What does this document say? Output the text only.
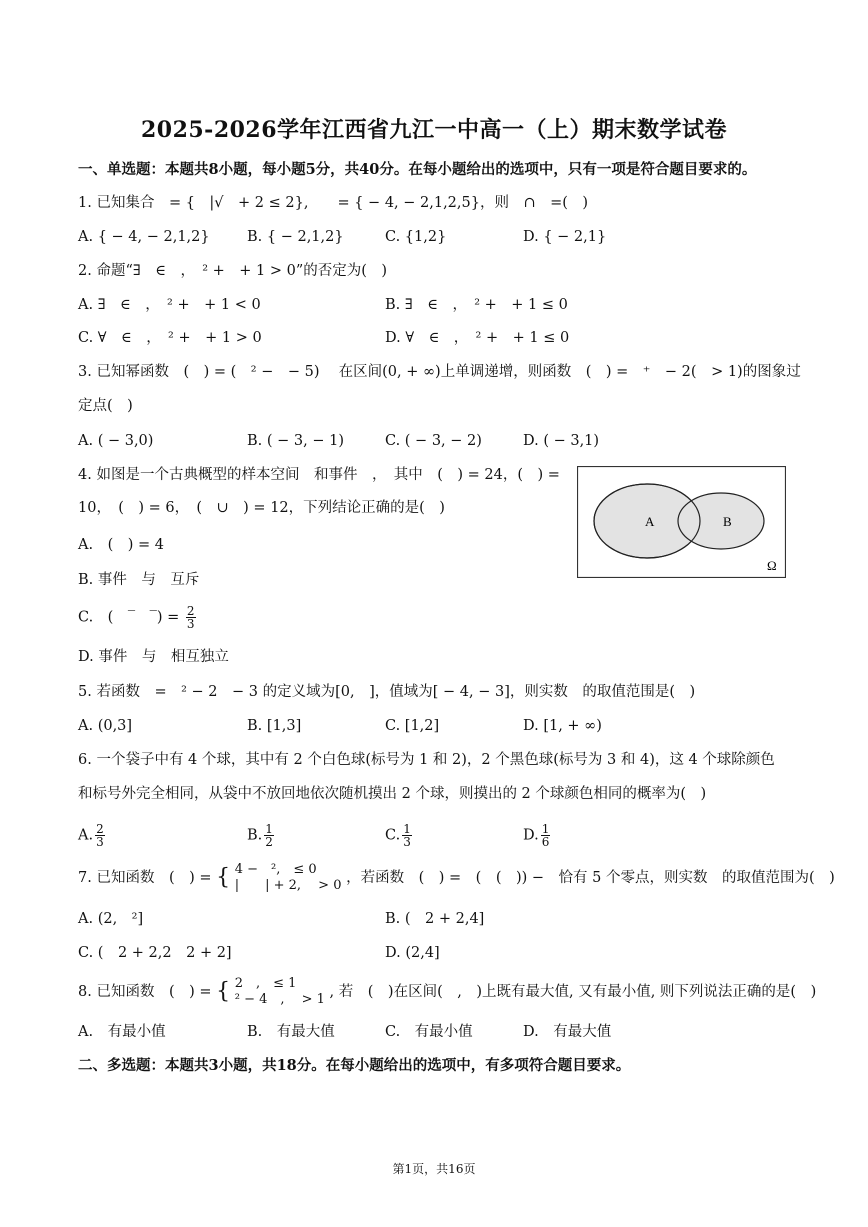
2025-2026学年江西省九江一中高一（上）期末数学试卷
一、单选题：本题共8小题，每小题5分，共40分。在每小题给出的选项中，只有一项是符合题目要求的。
1. 已知集合　= {　|√　+ 2 ≤ 2},　　= { − 4, − 2,1,2,5}，则　∩　=(　)
A. { − 4, − 2,1,2}	B. { − 2,1,2}	C. {1,2}	D. { − 2,1}
2. 命题“∃　∈　，　² +　+ 1 > 0”的否定为(　)
A. ∃　∈　，　² +　+ 1 < 0	B. ∃　∈　，　² +　+ 1 ≤ 0
C. ∀　∈　，　² +　+ 1 > 0	D. ∀　∈　，　² +　+ 1 ≤ 0
3. 已知幂函数　(　) = (　² −　− 5)　 在区间(0, + ∞)上单调递增，则函数　(　) =　⁺　− 2(　> 1)的图象过
定点(　)
A. ( − 3,0)	B. ( − 3, − 1)	C. ( − 3, − 2)	D. ( − 3,1)
4. 如图是一个古典概型的样本空间　和事件　，　其中　(　) = 24，(　) =
10，　(　) = 6，　(　∪　) = 12，下列结论正确的是(　)
A.　(　) = 4
B. 事件　与　互斥
C.　(　‾　‾) = $\frac{2}{3}$
D. 事件　与　相互独立
A	B
Ω
5. 若函数　=　² − 2　− 3 的定义域为[0,　]，值域为[ − 4, − 3]，则实数　的取值范围是(　)
A. (0,3]	B. [1,3]	C. [1,2]	D. [1, + ∞)
6. 一个袋子中有 4 个球，其中有 2 个白色球(标号为 1 和 2)，2 个黑色球(标号为 3 和 4)，这 4 个球除颜色
和标号外完全相同，从袋中不放回地依次随机摸出 2 个球，则摸出的 2 个球颜色相同的概率为(　)
A. $\frac{2}{3}$	B. $\frac{1}{2}$	C. $\frac{1}{3}$	D. $\frac{1}{6}$
7. 已知函数　(　) = { 4 −　²,　≤ 0
|　　| + 2,　 > 0 ，若函数　(　) =　(　(　)) −　恰有 5 个零点，则实数　的取值范围为(　)
A. (2,　²]	B. (　2 + 2,4]
C. (　2 + 2,2　2 + 2]	D. (2,4]
8. 已知函数　(　) = { 2　,　≤ 1
² − 4　,　 > 1 , 若　(　)在区间(　,　)上既有最大值, 又有最小值, 则下列说法正确的是(　)
A.　有最小值	B.　有最大值	C.　有最小值	D.　有最大值
二、多选题：本题共3小题，共18分。在每小题给出的选项中，有多项符合题目要求。
第1页，共16页
